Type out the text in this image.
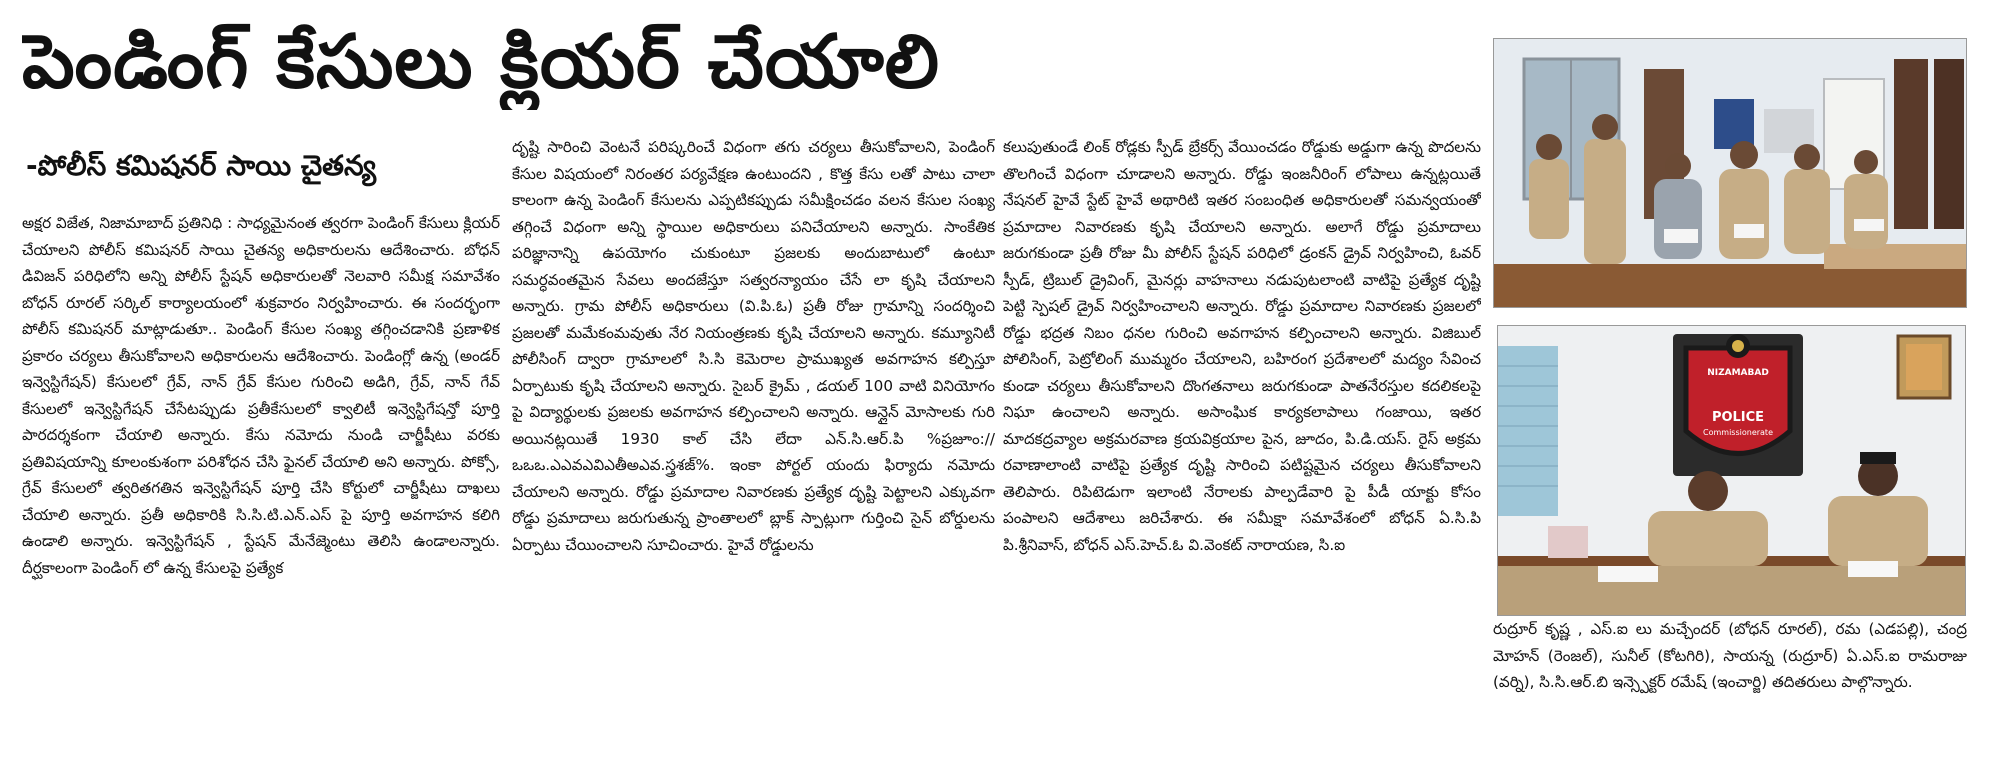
పెండింగ్ కేసులు క్లియర్ చేయాలి
-పోలీస్ కమిషనర్ సాయి చైతన్య

అక్షర విజేత, నిజామాబాద్ ప్రతినిధి : సాధ్యమైనంత త్వరగా పెండింగ్ కేసులు క్లియర్ చేయాలని పోలీస్ కమిషనర్ సాయి చైతన్య అధికారులను ఆదేశించారు. బోధన్ డివిజన్ పరిధిలోని అన్ని పోలీస్ స్టేషన్ అధికారులతో నెలవారి సమీక్ష సమావేశం బోధన్ రూరల్ సర్కిల్ కార్యాలయంలో శుక్రవారం నిర్వహించారు. ఈ సందర్భంగా పోలీస్ కమిషనర్ మాట్లాడుతూ.. పెండింగ్ కేసుల సంఖ్య తగ్గించడానికి ప్రణాళిక ప్రకారం చర్యలు తీసుకోవాలని అధికారులను ఆదేశించారు. పెండింగ్లో ఉన్న (అండర్ ఇన్వెస్టిగేషన్) కేసులలో గ్రేవ్, నాన్ గ్రేవ్ కేసుల గురించి అడిగి, గ్రేవ్, నాన్ గేవ్ కేసులలో ఇన్వెస్టిగేషన్ చేసేటప్పుడు ప్రతీకేసులలో క్వాలిటీ ఇన్వెస్టిగేషన్తో పూర్తి పారదర్శకంగా చేయాలి అన్నారు. కేసు నమోదు నుండి చార్జీషీటు వరకు ప్రతివిషయాన్ని కూలంకుశంగా పరిశోధన చేసి ఫైనల్ చేయాలి అని అన్నారు. పోక్సో, గ్రేవ్ కేసులలో త్వరితగతిన ఇన్వెస్టిగేషన్ పూర్తి చేసి కోర్టులో చార్జీషీటు దాఖలు చేయాలి అన్నారు. ప్రతీ అధికారికి సి.సి.టి.ఎన్.ఎస్ పై పూర్తి అవగాహన కలిగి ఉండాలి అన్నారు. ఇన్వెస్టిగేషన్ , స్టేషన్ మేనేజ్మెంటు తెలిసి ఉండాలన్నారు. దీర్ఘకాలంగా పెండింగ్ లో ఉన్న కేసులపై ప్రత్యేక

దృష్టి సారించి వెంటనే పరిష్కరించే విధంగా తగు చర్యలు తీసుకోవాలని, పెండింగ్ కేసుల విషయంలో నిరంతర పర్యవేక్షణ ఉంటుందని , కొత్త కేసు లతో పాటు చాలా కాలంగా ఉన్న పెండింగ్ కేసులను ఎప్పటికప్పుడు సమీక్షించడం వలన కేసుల సంఖ్య తగ్గించే విధంగా అన్ని స్థాయిల అధికారులు పనిచేయాలని అన్నారు. సాంకేతిక పరిజ్ఞానాన్ని ఉపయోగం చుకుంటూ ప్రజలకు అందుబాటులో ఉంటూ సమర్ధవంతమైన సేవలు అందజేస్తూ సత్వరన్యాయం చేసే లా కృషి చేయాలని అన్నారు. గ్రామ పోలీస్ అధికారులు (వి.పి.ఓ) ప్రతీ రోజు గ్రామాన్ని సందర్శించి ప్రజలతో మమేకంమవుతు నేర నియంత్రణకు కృషి చేయాలని అన్నారు. కమ్యూనిటీ పోలీసింగ్ ద్వారా గ్రామాలలో సి.సి కెమెరాల ప్రాముఖ్యత అవగాహన కల్పిస్తూ ఏర్పాటుకు కృషి చేయాలని అన్నారు. సైబర్ క్రైమ్ , డయల్ 100 వాటి వినియోగం పై విద్యార్థులకు ప్రజలకు అవగాహన కల్పించాలని అన్నారు. ఆన్లైన్ మోసాలకు గురి అయినట్లయితే 1930 కాల్ చేసి లేదా ఎన్.సి.ఆర్.పి %ప్రజూం://ఒఒఒ.ఎఎవఎవిఎతీఅఎవ.స్త్రశజ్%. ఇంకా పోర్టల్ యందు ఫిర్యాదు నమోదు చేయాలని అన్నారు. రోడ్డు ప్రమాదాల నివారణకు ప్రత్యేక దృష్టి పెట్టాలని ఎక్కువగా రోడ్డు ప్రమాదాలు జరుగుతున్న ప్రాంతాలలో బ్లాక్ స్పాట్లుగా గుర్తించి సైన్ బోర్డులను ఏర్పాటు చేయించాలని సూచించారు. హైవే రోడ్డులను

కలుపుతుండే లింక్ రోడ్లకు స్పీడ్ బ్రేకర్స్ వేయించడం రోడ్డుకు అడ్డుగా ఉన్న పొదలను తొలగించే విధంగా చూడాలని అన్నారు. రోడ్డు ఇంజనీరింగ్ లోపాలు ఉన్నట్లయితే నేషనల్ హైవే స్టేట్ హైవే అథారిటి ఇతర సంబంధిత అధికారులతో సమన్వయంతో ప్రమాదాల నివారణకు కృషి చేయాలని అన్నారు. అలాగే రోడ్డు ప్రమాదాలు జరుగకుండా ప్రతీ రోజు మీ పోలీస్ స్టేషన్ పరిధిలో డ్రంకన్ డ్రైవ్ నిర్వహించి, ఓవర్ స్పీడ్, ట్రిబుల్ డ్రైవింగ్, మైనర్లు వాహనాలు నడుపుటలాంటి వాటిపై ప్రత్యేక దృష్టి పెట్టి స్పెషల్ డ్రైవ్ నిర్వహించాలని అన్నారు. రోడ్డు ప్రమాదాల నివారణకు ప్రజలలో రోడ్డు భద్రత నిబం ధనల గురించి అవగాహన కల్పించాలని అన్నారు. విజిబుల్ పోలిసింగ్, పెట్రోలింగ్ ముమ్మరం చేయాలని, బహిరంగ ప్రదేశాలలో మద్యం సేవించ కుండా చర్యలు తీసుకోవాలని దొంగతనాలు జరుగకుండా పాతనేరస్తుల కదలికలపై నిఘా ఉంచాలని అన్నారు. అసాంఘిక కార్యకలాపాలు గంజాయి, ఇతర మాదకద్రవ్యాల అక్రమరవాణ క్రయవిక్రయాల పైన, జూదం, పి.డి.యస్. రైస్ అక్రమ రవాణాలాంటి వాటిపై ప్రత్యేక దృష్టి సారించి పటిష్టమైన చర్యలు తీసుకోవాలని తెలిపారు. రిపిటెడుగా ఇలాంటి నేరాలకు పాల్పడేవారి పై పీడీ యాక్టు కోసం పంపాలని ఆదేశాలు జరిచేశారు. ఈ సమీక్షా సమావేశంలో బోధన్ ఏ.సి.పి పి.శ్రీనివాస్, బోధన్ ఎస్.హెచ్.ఓ వి.వెంకట్ నారాయణ, సి.ఐ

NIZAMABAD
POLICE
Commissionerate
రుద్రూర్ కృష్ణ , ఎస్.ఐ లు మచ్చేందర్ (బోధన్ రూరల్), రమ (ఎడపల్లి), చంద్ర మోహన్ (రెంజల్), సునీల్ (కోటగిరి), సాయన్న (రుద్రూర్) ఏ.ఎస్.ఐ రామరాజు (వర్ని), సి.సి.ఆర్.బి ఇన్స్పెక్టర్ రమేష్ (ఇంచార్జి) తదితరులు పాల్గొన్నారు.
